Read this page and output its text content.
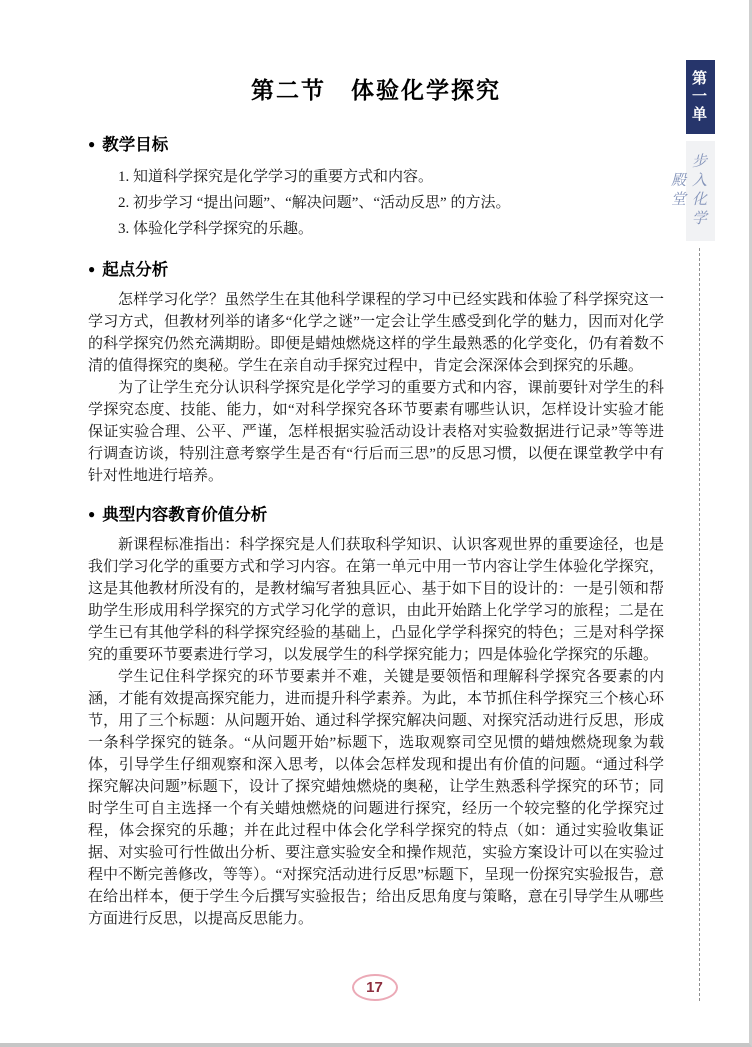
第二节　体验化学探究
● 教学目标

1. 知道科学探究是化学学习的重要方式和内容。

2. 初步学习 “提出问题”、“解决问题”、“活动反思” 的方法。

3. 体验化学科学探究的乐趣。

● 起点分析

怎样学习化学？虽然学生在其他科学课程的学习中已经实践和体验了科学探究这一学习方式，但教材列举的诸多“化学之谜”一定会让学生感受到化学的魅力，因而对化学的科学探究仍然充满期盼。即便是蜡烛燃烧这样的学生最熟悉的化学变化，仍有着数不清的值得探究的奥秘。学生在亲自动手探究过程中，肯定会深深体会到探究的乐趣。

为了让学生充分认识科学探究是化学学习的重要方式和内容，课前要针对学生的科学探究态度、技能、能力，如“对科学探究各环节要素有哪些认识，怎样设计实验才能保证实验合理、公平、严谨，怎样根据实验活动设计表格对实验数据进行记录”等等进行调查访谈，特别注意考察学生是否有“行后而三思”的反思习惯，以便在课堂教学中有针对性地进行培养。

● 典型内容教育价值分析

新课程标准指出：科学探究是人们获取科学知识、认识客观世界的重要途径，也是我们学习化学的重要方式和学习内容。在第一单元中用一节内容让学生体验化学探究，这是其他教材所没有的，是教材编写者独具匠心、基于如下目的设计的：一是引领和帮助学生形成用科学探究的方式学习化学的意识，由此开始踏上化学学习的旅程；二是在学生已有其他学科的科学探究经验的基础上，凸显化学学科探究的特色；三是对科学探究的重要环节要素进行学习，以发展学生的科学探究能力；四是体验化学探究的乐趣。

学生记住科学探究的环节要素并不难，关键是要领悟和理解科学探究各要素的内涵，才能有效提高探究能力，进而提升科学素养。为此，本节抓住科学探究三个核心环节，用了三个标题：从问题开始、通过科学探究解决问题、对探究活动进行反思，形成一条科学探究的链条。“从问题开始”标题下，选取观察司空见惯的蜡烛燃烧现象为载体，引导学生仔细观察和深入思考，以体会怎样发现和提出有价值的问题。“通过科学探究解决问题”标题下，设计了探究蜡烛燃烧的奥秘，让学生熟悉科学探究的环节；同时学生可自主选择一个有关蜡烛燃烧的问题进行探究，经历一个较完整的化学探究过程，体会探究的乐趣；并在此过程中体会化学科学探究的特点（如：通过实验收集证据、对实验可行性做出分析、要注意实验安全和操作规范，实验方案设计可以在实验过程中不断完善修改，等等）。“对探究活动进行反思”标题下，呈现一份探究实验报告，意在给出样本，便于学生今后撰写实验报告；给出反思角度与策略，意在引导学生从哪些方面进行反思，以提高反思能力。

第一单元 步入化学殿堂
17
